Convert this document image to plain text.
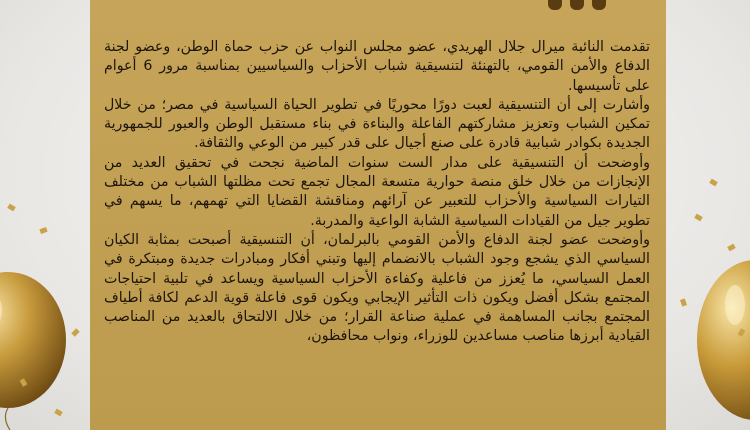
تقدمت النائبة ميرال جلال الهريدي، عضو مجلس النواب عن حزب حماة الوطن، وعضو لجنة الدفاع والأمن القومي، بالتهنئة لتنسيقية شباب الأحزاب والسياسيين بمناسبة مرور 6 أعوام على تأسيسها.

وأشارت إلى أن التنسيقية لعبت دورًا محوريًا في تطوير الحياة السياسية في مصر؛ من خلال تمكين الشباب وتعزيز مشاركتهم الفاعلة والبناءة في بناء مستقبل الوطن والعبور للجمهورية الجديدة بكوادر شبابية قادرة على صنع أجيال على قدر كبير من الوعي والثقافة.

وأوضحت أن التنسيقية على مدار الست سنوات الماضية نجحت في تحقيق العديد من الإنجازات من خلال خلق منصة حوارية متسعة المجال تجمع تحت مظلتها الشباب من مختلف التيارات السياسية والأحزاب للتعبير عن آرائهم ومناقشة القضايا التي تهمهم، ما يسهم في تطوير جيل من القيادات السياسية الشابة الواعية والمدربة.

وأوضحت عضو لجنة الدفاع والأمن القومي بالبرلمان، أن التنسيقية أصبحت بمثابة الكيان السياسي الذي يشجع وجود الشباب بالانضمام إليها وتبني أفكار ومبادرات جديدة ومبتكرة في العمل السياسي، ما يُعزز من فاعلية وكفاءة الأحزاب السياسية ويساعد في تلبية احتياجات المجتمع بشكل أفضل ويكون ذات التأثير الإيجابي ويكون قوى فاعلة قوية الدعم لكافة أطياف المجتمع بجانب المساهمة في عملية صناعة القرار؛ من خلال الالتحاق بالعديد من المناصب القيادية أبرزها مناصب مساعدين للوزراء، ونواب محافظون،
